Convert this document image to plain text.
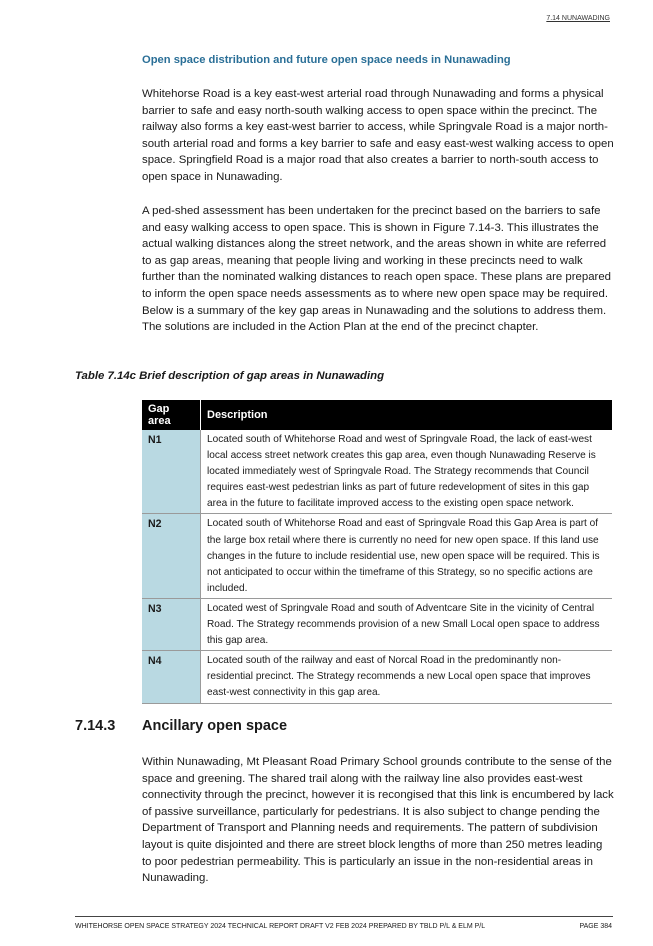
7.14 NUNAWADING
Open space distribution and future open space needs in Nunawading

Whitehorse Road is a key east-west arterial road through Nunawading and forms a physical barrier to safe and easy north-south walking access to open space within the precinct. The railway also forms a key east-west barrier to access, while Springvale Road is a major north-south arterial road and forms a key barrier to safe and easy east-west walking access to open space. Springfield Road is a major road that also creates a barrier to north-south access to open space in Nunawading.

A ped-shed assessment has been undertaken for the precinct based on the barriers to safe and easy walking access to open space. This is shown in Figure 7.14-3. This illustrates the actual walking distances along the street network, and the areas shown in white are referred to as gap areas, meaning that people living and working in these precincts need to walk further than the nominated walking distances to reach open space. These plans are prepared to inform the open space needs assessments as to where new open space may be required. Below is a summary of the key gap areas in Nunawading and the solutions to address them. The solutions are included in the Action Plan at the end of the precinct chapter.

Table 7.14c Brief description of gap areas in Nunawading
Gap area	Description
N1	Located south of Whitehorse Road and west of Springvale Road, the lack of east-west local access street network creates this gap area, even though Nunawading Reserve is located immediately west of Springvale Road. The Strategy recommends that Council requires east-west pedestrian links as part of future redevelopment of sites in this gap area in the future to facilitate improved access to the existing open space network.
N2	Located south of Whitehorse Road and east of Springvale Road this Gap Area is part of the large box retail where there is currently no need for new open space. If this land use changes in the future to include residential use, new open space will be required. This is not anticipated to occur within the timeframe of this Strategy, so no specific actions are included.
N3	Located west of Springvale Road and south of Adventcare Site in the vicinity of Central Road. The Strategy recommends provision of a new Small Local open space to address this gap area.
N4	Located south of the railway and east of Norcal Road in the predominantly non-residential precinct. The Strategy recommends a new Local open space that improves east-west connectivity in this gap area.
7.14.3 Ancillary open space

Within Nunawading, Mt Pleasant Road Primary School grounds contribute to the sense of the space and greening. The shared trail along with the railway line also provides east-west connectivity through the precinct, however it is recongised that this link is encumbered by lack of passive surveillance, particularly for pedestrians. It is also subject to change pending the Department of Transport and Planning needs and requirements. The pattern of subdivision layout is quite disjointed and there are street block lengths of more than 250 metres leading to poor pedestrian permeability. This is particularly an issue in the non-residential areas in Nunawading.

WHITEHORSE OPEN SPACE STRATEGY 2024 TECHNICAL REPORT DRAFT V2 FEB 2024 PREPARED BY TBLD P/L & ELM P/L	PAGE 384
